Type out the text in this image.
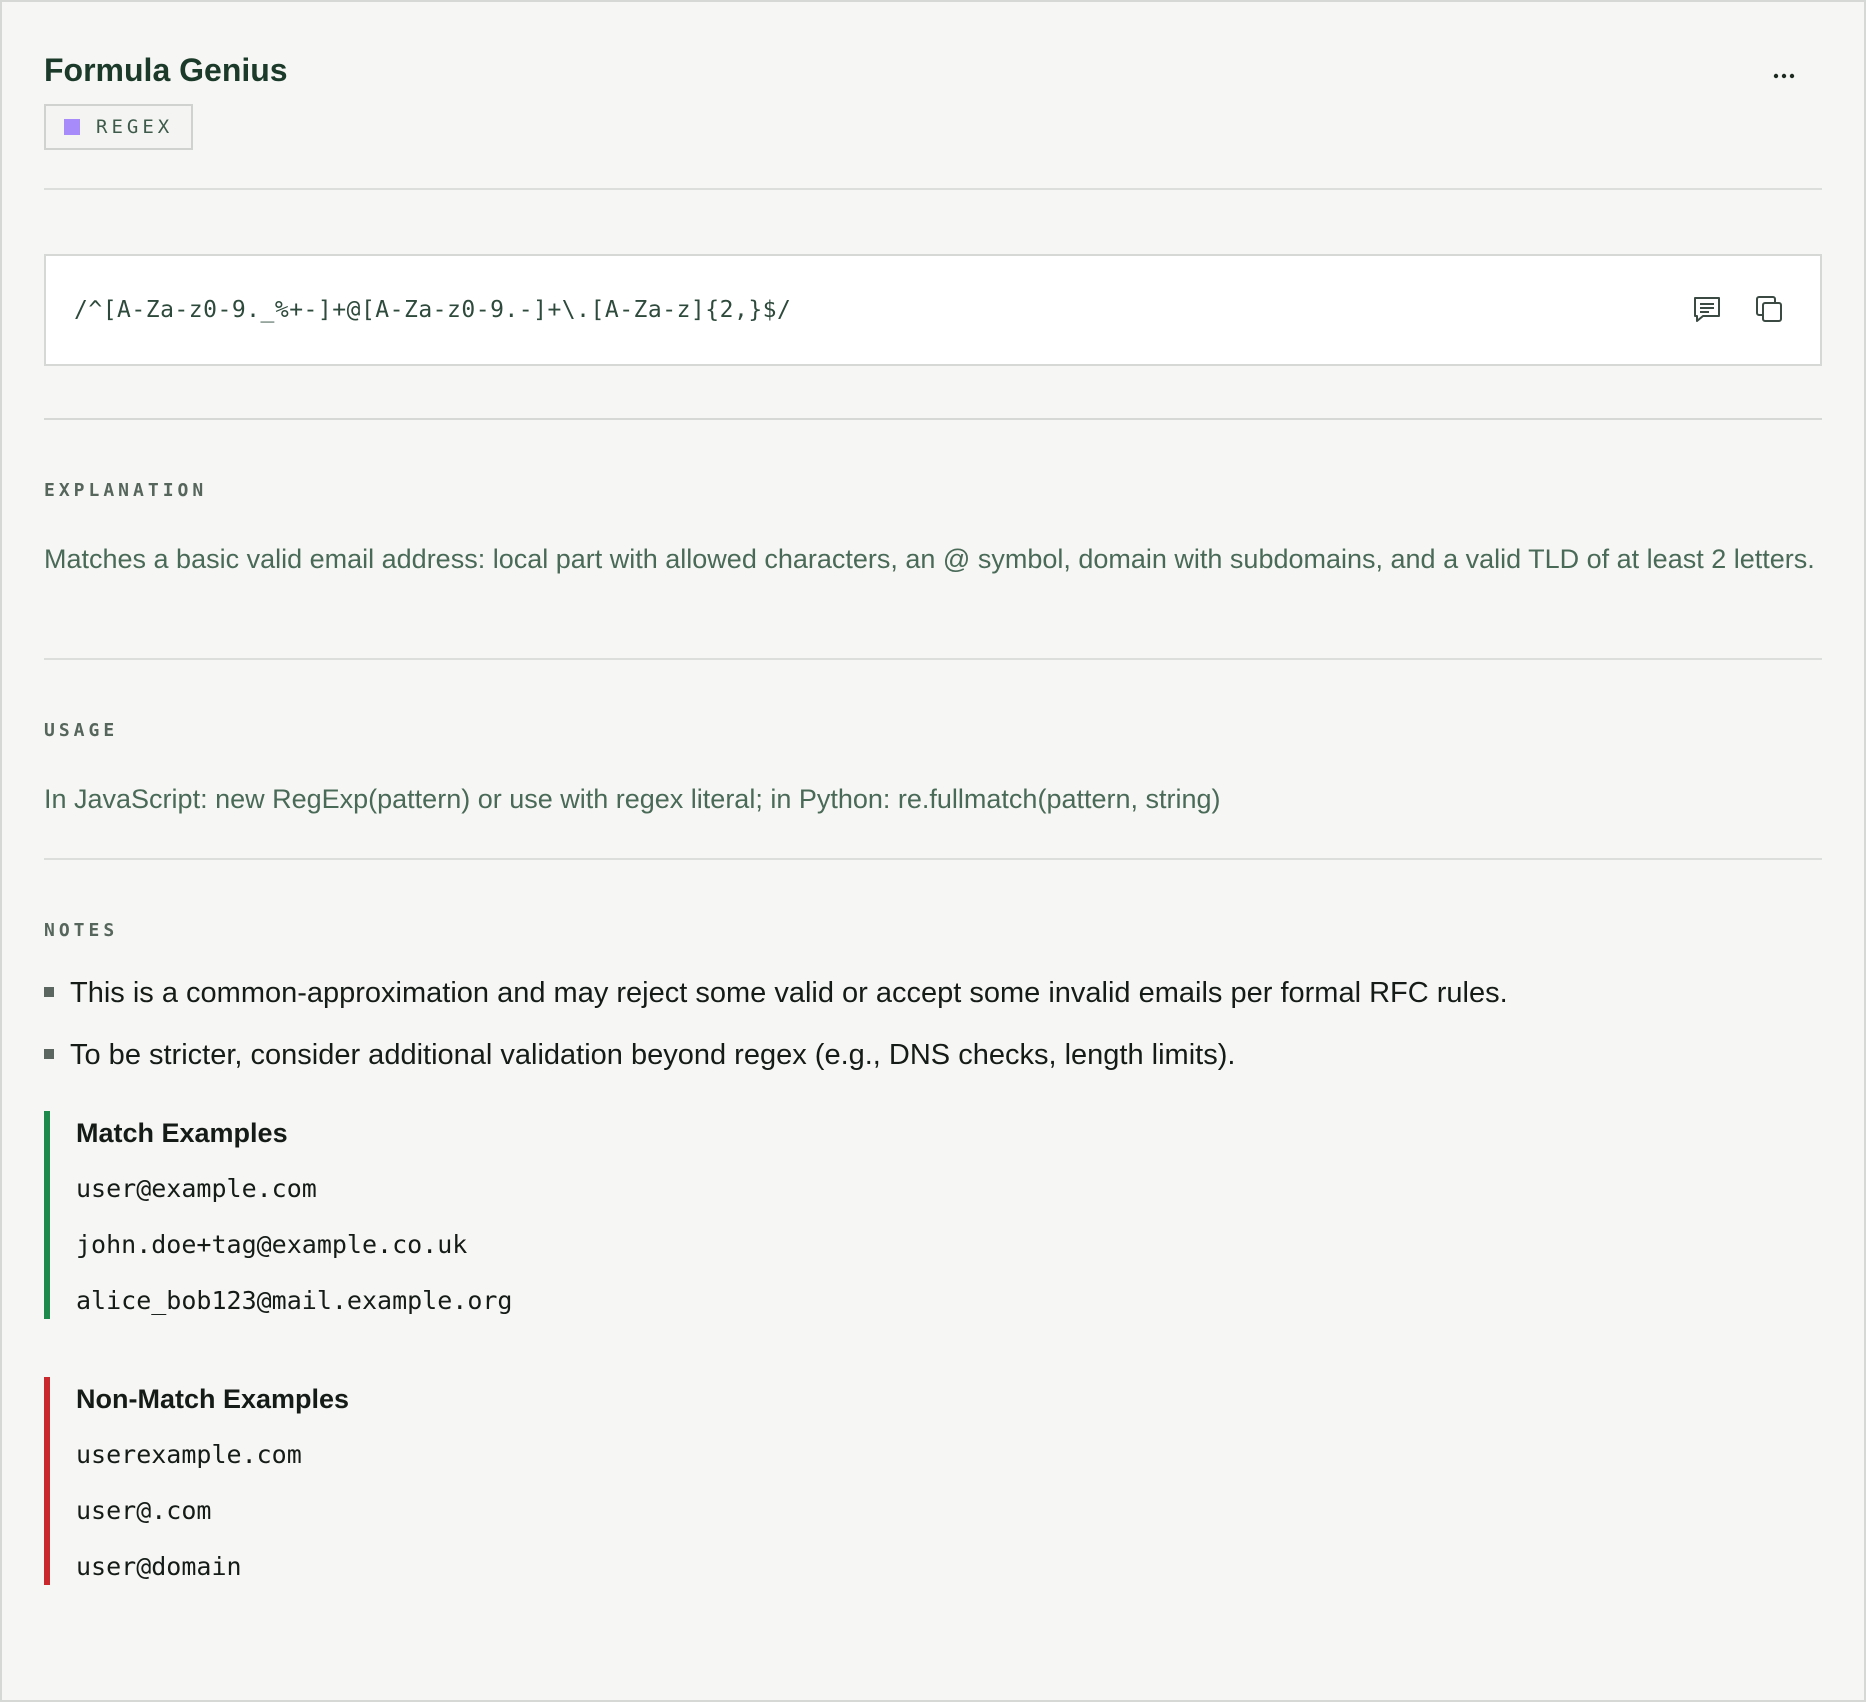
Formula Genius
REGEX
/^[A-Za-z0-9._%+-]+@[A-Za-z0-9.-]+\.[A-Za-z]{2,}$/
EXPLANATION

Matches a basic valid email address: local part with allowed characters, an @ symbol, domain with subdomains, and a valid TLD of at least 2 letters.

USAGE

In JavaScript: new RegExp(pattern) or use with regex literal; in Python: re.fullmatch(pattern, string)

NOTES
This is a common-approximation and may reject some valid or accept some invalid emails per formal RFC rules.
To be stricter, consider additional validation beyond regex (e.g., DNS checks, length limits).
Match Examples
user@example.com
john.doe+tag@example.co.uk
alice_bob123@mail.example.org
Non-Match Examples
userexample.com
user@.com
user@domain
